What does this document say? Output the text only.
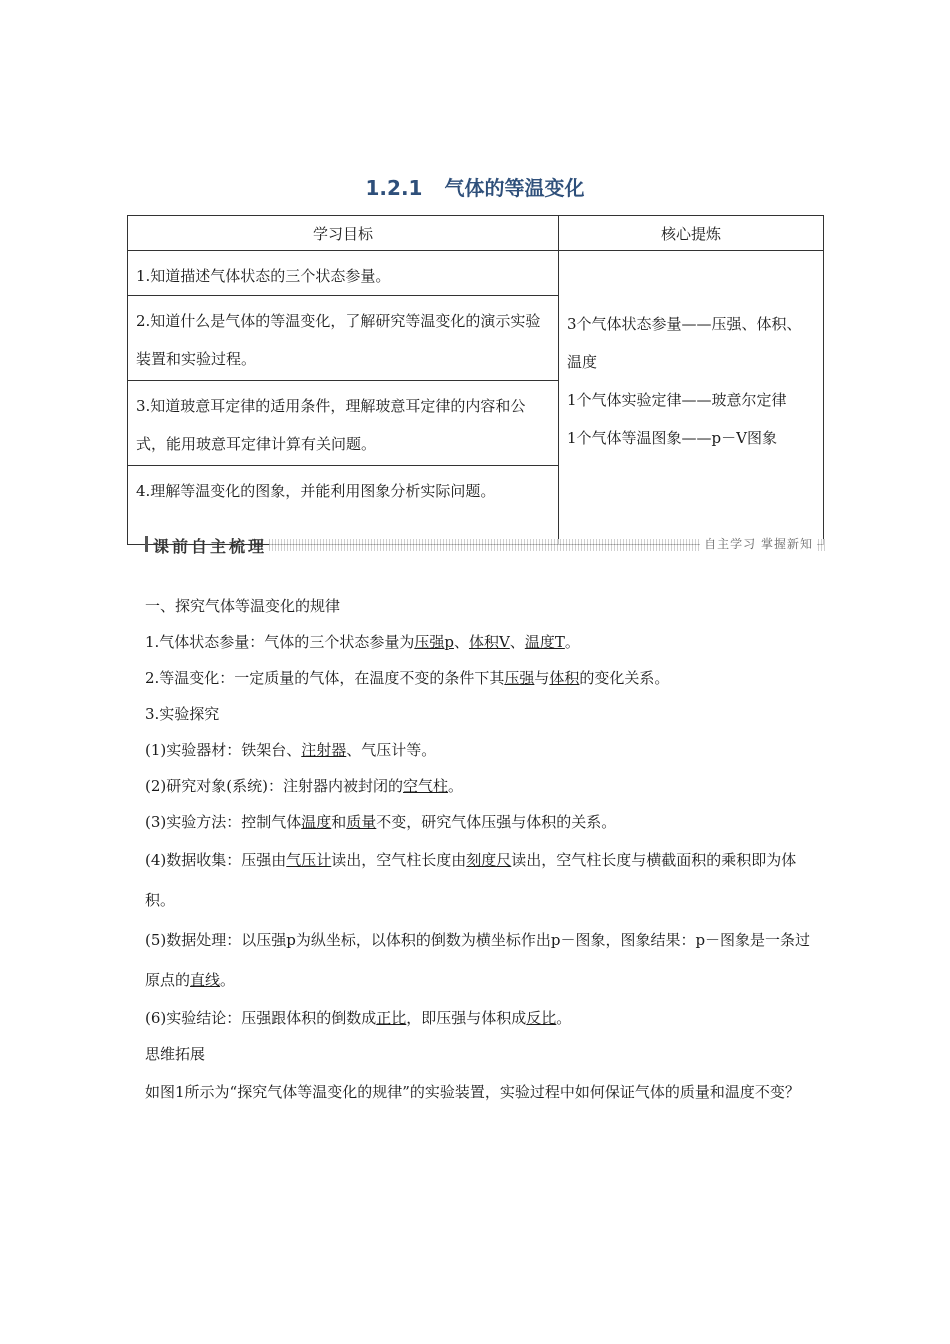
1.2.1 气体的等温变化
学习目标	核心提炼
1.知道描述气体状态的三个状态参量。	3个气体状态参量——压强、体积、温度
1个气体实验定律——玻意尔定律
1个气体等温图象——p－V图象

2.知道什么是气体的等温变化，了解研究等温变化的演示实验装置和实验过程。	
3.知道玻意耳定律的适用条件，理解玻意耳定律的内容和公式，能用玻意耳定律计算有关问题。	
4.理解等温变化的图象，并能利用图象分析实际问题。	
课前自主梳理	自主学习 掌握新知

一、探究气体等温变化的规律

1.气体状态参量：气体的三个状态参量为压强p、体积V、温度T。

2.等温变化：一定质量的气体，在温度不变的条件下其压强与体积的变化关系。

3.实验探究

(1)实验器材：铁架台、注射器、气压计等。

(2)研究对象(系统)：注射器内被封闭的空气柱。

(3)实验方法：控制气体温度和质量不变，研究气体压强与体积的关系。

(4)数据收集：压强由气压计读出，空气柱长度由刻度尺读出，空气柱长度与横截面积的乘积即为体积。

(5)数据处理：以压强p为纵坐标，以体积的倒数为横坐标作出p－图象，图象结果：p－图象是一条过原点的直线。

(6)实验结论：压强跟体积的倒数成正比，即压强与体积成反比。

思维拓展

如图1所示为“探究气体等温变化的规律”的实验装置，实验过程中如何保证气体的质量和温度不变？
